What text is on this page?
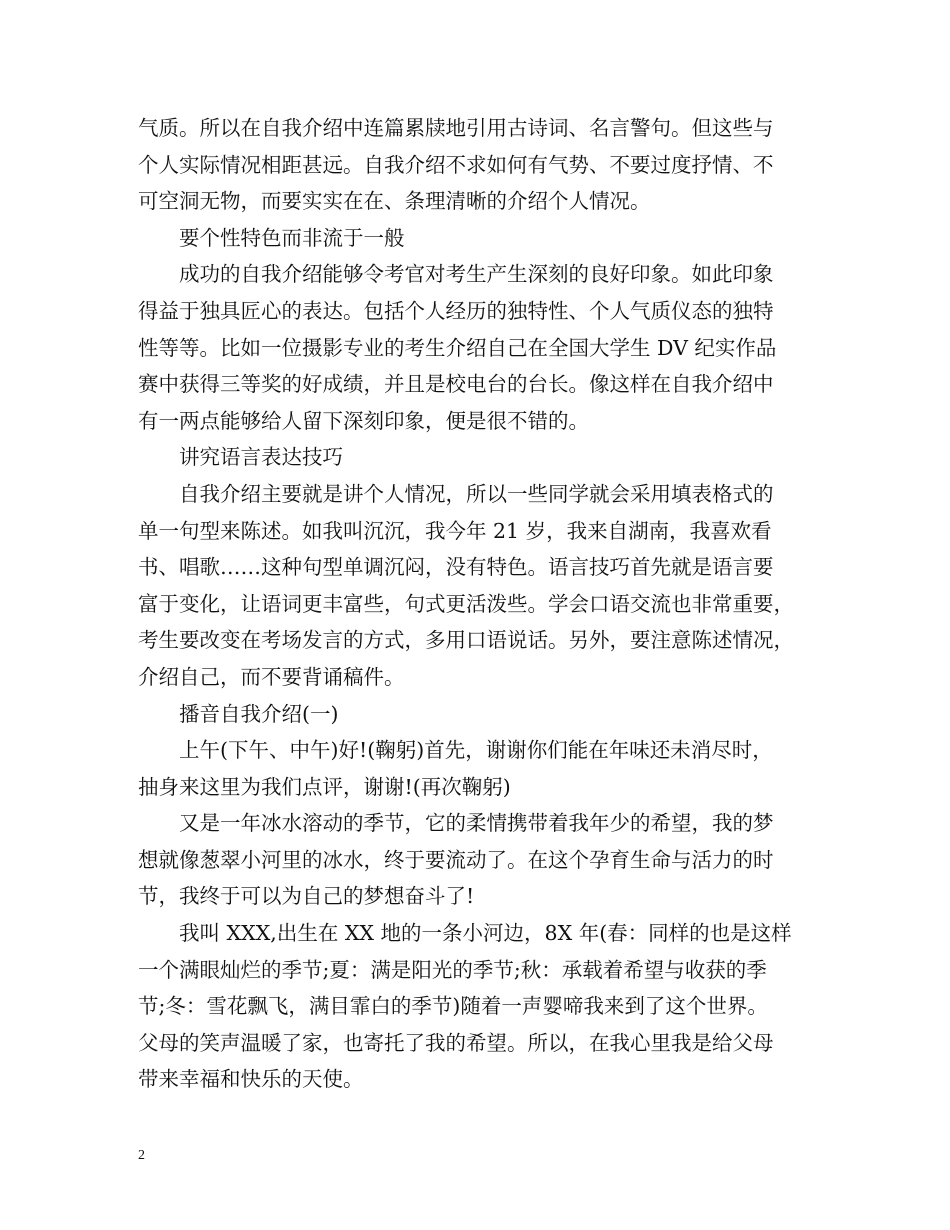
气质。所以在自我介绍中连篇累牍地引用古诗词、名言警句。但这些与
个人实际情况相距甚远。自我介绍不求如何有气势、不要过度抒情、不
可空洞无物，而要实实在在、条理清晰的介绍个人情况。
要个性特色而非流于一般
成功的自我介绍能够令考官对考生产生深刻的良好印象。如此印象
得益于独具匠心的表达。包括个人经历的独特性、个人气质仪态的独特
性等等。比如一位摄影专业的考生介绍自己在全国大学生 DV 纪实作品
赛中获得三等奖的好成绩，并且是校电台的台长。像这样在自我介绍中
有一两点能够给人留下深刻印象，便是很不错的。
讲究语言表达技巧
自我介绍主要就是讲个人情况，所以一些同学就会采用填表格式的
单一句型来陈述。如我叫沉沉，我今年 21 岁，我来自湖南，我喜欢看
书、唱歌……这种句型单调沉闷，没有特色。语言技巧首先就是语言要
富于变化，让语词更丰富些，句式更活泼些。学会口语交流也非常重要，
考生要改变在考场发言的方式，多用口语说话。另外，要注意陈述情况，
介绍自己，而不要背诵稿件。
播音自我介绍(一)
上午(下午、中午)好!(鞠躬)首先，谢谢你们能在年味还未消尽时，
抽身来这里为我们点评，谢谢!(再次鞠躬)
又是一年冰水溶动的季节，它的柔情携带着我年少的希望，我的梦
想就像葱翠小河里的冰水，终于要流动了。在这个孕育生命与活力的时
节，我终于可以为自己的梦想奋斗了!
我叫 XXX,出生在 XX 地的一条小河边，8X 年(春：同样的也是这样
一个满眼灿烂的季节;夏：满是阳光的季节;秋：承载着希望与收获的季
节;冬：雪花飘飞，满目霏白的季节)随着一声婴啼我来到了这个世界。
父母的笑声温暖了家，也寄托了我的希望。所以，在我心里我是给父母
带来幸福和快乐的天使。
2
